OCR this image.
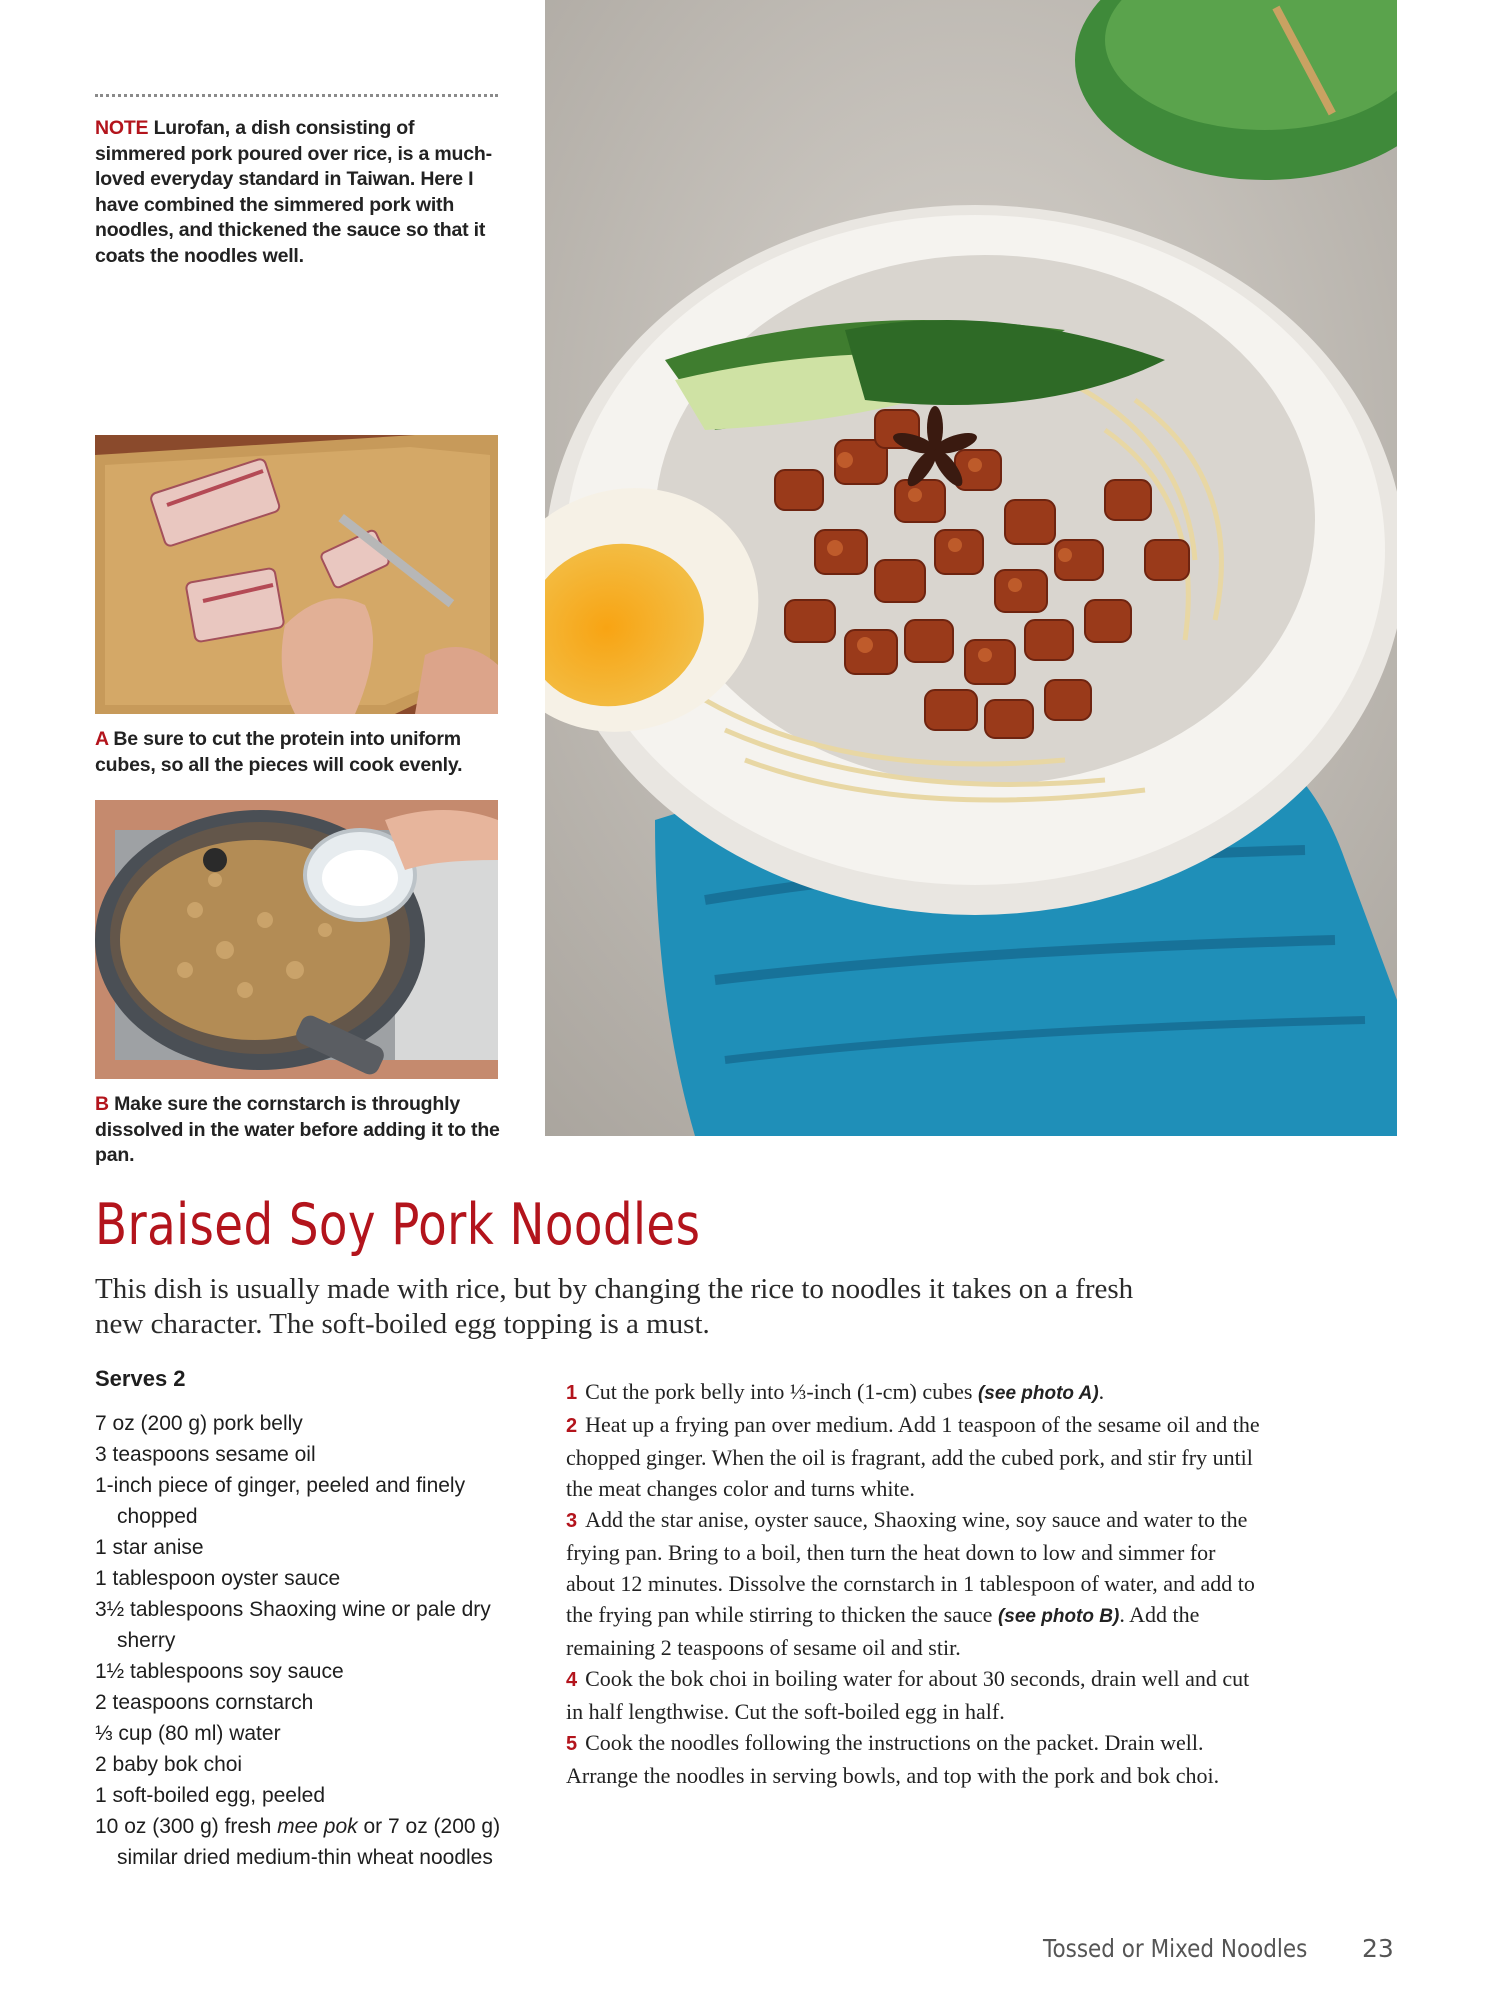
NOTE Lurofan, a dish consisting of simmered pork poured over rice, is a much-loved everyday standard in Taiwan. Here I have combined the simmered pork with noodles, and thickened the sauce so that it coats the noodles well.
A Be sure to cut the protein into uniform cubes, so all the pieces will cook evenly.
B Make sure the cornstarch is throughly dissolved in the water before adding it to the pan.
Braised Soy Pork Noodles
This dish is usually made with rice, but by changing the rice to noodles it takes on a fresh new character. The soft-boiled egg topping is a must.
Serves 2
7 oz (200 g) pork belly
3 teaspoons sesame oil
1-inch piece of ginger, peeled and finely chopped
1 star anise
1 tablespoon oyster sauce
3½ tablespoons Shaoxing wine or pale dry sherry
1½ tablespoons soy sauce
2 teaspoons cornstarch
⅓ cup (80 ml) water
2 baby bok choi
1 soft-boiled egg, peeled
10 oz (300 g) fresh mee pok or 7 oz (200 g) similar dried medium-thin wheat noodles
1 Cut the pork belly into ⅓-inch (1-cm) cubes (see photo A).
2 Heat up a frying pan over medium. Add 1 teaspoon of the sesame oil and the chopped ginger. When the oil is fragrant, add the cubed pork, and stir fry until the meat changes color and turns white.
3 Add the star anise, oyster sauce, Shaoxing wine, soy sauce and water to the frying pan. Bring to a boil, then turn the heat down to low and simmer for about 12 minutes. Dissolve the cornstarch in 1 tablespoon of water, and add to the frying pan while stirring to thicken the sauce (see photo B). Add the remaining 2 teaspoons of sesame oil and stir.
4 Cook the bok choi in boiling water for about 30 seconds, drain well and cut in half lengthwise. Cut the soft-boiled egg in half.
5 Cook the noodles following the instructions on the packet. Drain well. Arrange the noodles in serving bowls, and top with the pork and bok choi.
Tossed or Mixed Noodles 23
